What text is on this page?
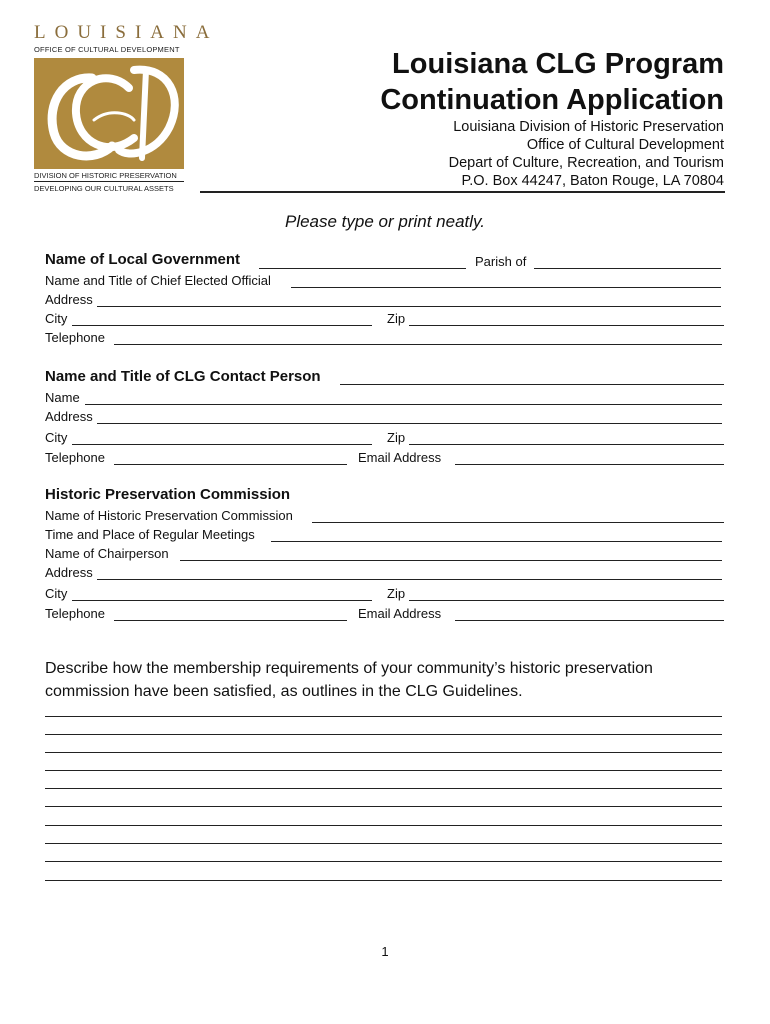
LOUISIANA
OFFICE OF CULTURAL DEVELOPMENT
DIVISION OF HISTORIC PRESERVATION
DEVELOPING OUR CULTURAL ASSETS
Louisiana CLG Program
Continuation Application
Louisiana Division of Historic Preservation
Office of Cultural Development
Depart of Culture, Recreation, and Tourism
P.O. Box 44247, Baton Rouge, LA 70804
Please type or print neatly.
Name of Local Government	Parish of
Name and Title of Chief Elected Official
Address
City	Zip
Telephone
Name and Title of CLG Contact Person
Name
Address
City	Zip
Telephone	Email Address
Historic Preservation Commission
Name of Historic Preservation Commission
Time and Place of Regular Meetings
Name of Chairperson
Address
City	Zip
Telephone	Email Address
Describe how the membership requirements of your community’s historic preservation
commission have been satisfied, as outlines in the CLG Guidelines.
1
